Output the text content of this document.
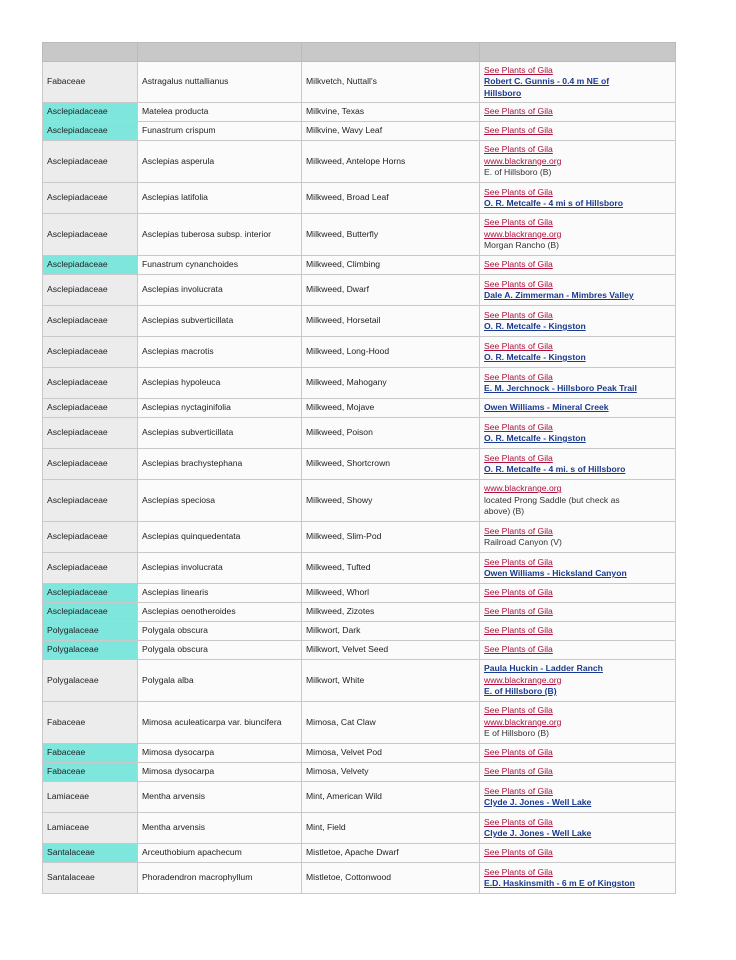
Fabaceae	Astragalus nuttallianus	Milkvetch, Nuttall's	See Plants of Gila
Robert C. Gunnis - 0.4 m NE of
Hillsboro

Asclepiadaceae	Matelea producta	Milkvine, Texas	See Plants of Gila

Asclepiadaceae	Funastrum crispum	Milkvine, Wavy Leaf	See Plants of Gila

Asclepiadaceae	Asclepias asperula	Milkweed, Antelope Horns	See Plants of Gila
www.blackrange.org
E. of Hillsboro (B)

Asclepiadaceae	Asclepias latifolia	Milkweed, Broad Leaf	See Plants of Gila
O. R. Metcalfe - 4 mi s of Hillsboro

Asclepiadaceae	Asclepias tuberosa subsp. interior	Milkweed, Butterfly	See Plants of Gila
www.blackrange.org
Morgan Rancho (B)

Asclepiadaceae	Funastrum cynanchoides	Milkweed, Climbing	See Plants of Gila

Asclepiadaceae	Asclepias involucrata	Milkweed, Dwarf	See Plants of Gila
Dale A. Zimmerman - Mimbres Valley

Asclepiadaceae	Asclepias subverticillata	Milkweed, Horsetail	See Plants of Gila
O. R. Metcalfe - Kingston

Asclepiadaceae	Asclepias macrotis	Milkweed, Long-Hood	See Plants of Gila
O. R. Metcalfe - Kingston

Asclepiadaceae	Asclepias hypoleuca	Milkweed, Mahogany	See Plants of Gila
E. M. Jerchnock - Hillsboro Peak Trail

Asclepiadaceae	Asclepias nyctaginifolia	Milkweed, Mojave	Owen Williams - Mineral Creek

Asclepiadaceae	Asclepias subverticillata	Milkweed, Poison	See Plants of Gila
O. R. Metcalfe - Kingston

Asclepiadaceae	Asclepias brachystephana	Milkweed, Shortcrown	See Plants of Gila
O. R. Metcalfe - 4 mi. s of Hillsboro

Asclepiadaceae	Asclepias speciosa	Milkweed, Showy	www.blackrange.org
located Prong Saddle (but check as
above) (B)

Asclepiadaceae	Asclepias quinquedentata	Milkweed, Slim-Pod	See Plants of Gila
Railroad Canyon (V)

Asclepiadaceae	Asclepias involucrata	Milkweed, Tufted	See Plants of Gila
Owen Williams - Hicksland Canyon

Asclepiadaceae	Asclepias linearis	Milkweed, Whorl	See Plants of Gila

Asclepiadaceae	Asclepias oenotheroides	Milkweed, Zizotes	See Plants of Gila

Polygalaceae	Polygala obscura	Milkwort, Dark	See Plants of Gila

Polygalaceae	Polygala obscura	Milkwort, Velvet Seed	See Plants of Gila

Polygalaceae	Polygala alba	Milkwort, White	Paula Huckin - Ladder Ranch
www.blackrange.org
E. of Hillsboro (B)

Fabaceae	Mimosa aculeaticarpa var. biuncifera	Mimosa, Cat Claw	See Plants of Gila
www.blackrange.org
E of Hillsboro (B)

Fabaceae	Mimosa dysocarpa	Mimosa, Velvet Pod	See Plants of Gila

Fabaceae	Mimosa dysocarpa	Mimosa, Velvety	See Plants of Gila

Lamiaceae	Mentha arvensis	Mint, American Wild	See Plants of Gila
Clyde J. Jones - Well Lake

Lamiaceae	Mentha arvensis	Mint, Field	See Plants of Gila
Clyde J. Jones - Well Lake

Santalaceae	Arceuthobium apachecum	Mistletoe, Apache Dwarf	See Plants of Gila

Santalaceae	Phoradendron macrophyllum	Mistletoe, Cottonwood	See Plants of Gila
E.D. Haskinsmith - 6 m E of Kingston
